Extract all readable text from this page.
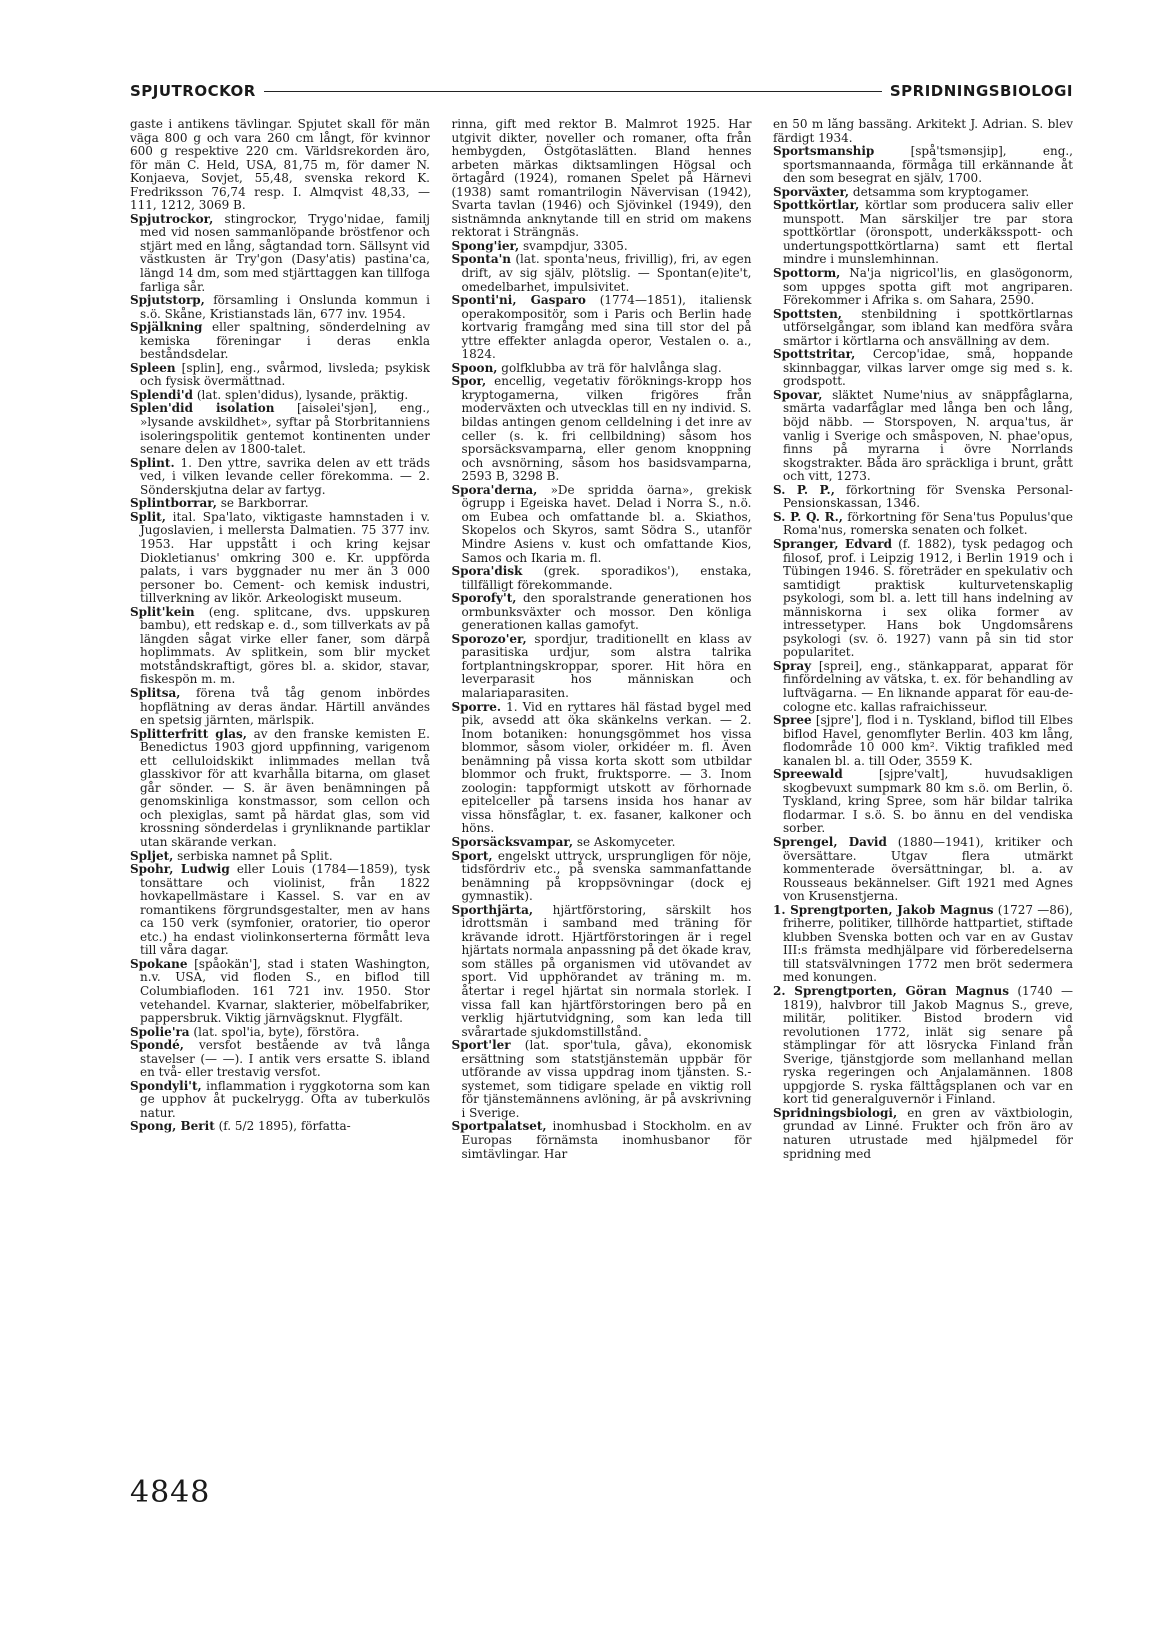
SPJUTROCKOR	SPRIDNINGSBIOLOGI

gaste i antikens tävlingar. Spjutet skall för män väga 800 g och vara 260 cm långt, för kvinnor 600 g respektive 220 cm. Världsrekorden äro, för män C. Held, USA, 81,75 m, för damer N. Konjaeva, Sovjet, 55,48, svenska rekord K. Fredriksson 76,74 resp. I. Almqvist 48,33, — 111, 1212, 3069 B.

Spjutrockor, stingrockor, Trygo'nidae, familj med vid nosen sammanlöpande bröstfenor och stjärt med en lång, sågtandad torn. Sällsynt vid västkusten är Try'gon (Dasy'atis) pastina'ca, längd 14 dm, som med stjärttaggen kan tillfoga farliga sår.

Spjutstorp, församling i Onslunda kommun i s.ö. Skåne, Kristianstads län, 677 inv. 1954.

Spjälkning eller spaltning, sönderdelning av kemiska föreningar i deras enkla beståndsdelar.

Spleen [splin], eng., svårmod, livsleda; psykisk och fysisk övermättnad.

Splendi'd (lat. splen'didus), lysande, präktig.

Splen'did isolation [aisəlei'sjən], eng., »lysande avskildhet», syftar på Storbritanniens isoleringspolitik gentemot kontinenten under senare delen av 1800-talet.

Splint. 1. Den yttre, savrika delen av ett träds ved, i vilken levande celler förekomma. — 2. Sönderskjutna delar av fartyg.

Splintborrar, se Barkborrar.

Split, ital. Spa'lato, viktigaste hamnstaden i v. Jugoslavien, i mellersta Dalmatien. 75 377 inv. 1953. Har uppstått i och kring kejsar Diokletianus' omkring 300 e. Kr. uppförda palats, i vars byggnader nu mer än 3 000 personer bo. Cement- och kemisk industri, tillverkning av likör. Arkeologiskt museum.

Split'kein (eng. splitcane, dvs. uppskuren bambu), ett redskap e. d., som tillverkats av på längden sågat virke eller faner, som därpå hoplimmats. Av splitkein, som blir mycket motståndskraftigt, göres bl. a. skidor, stavar, fiskespön m. m.

Splitsa, förena två tåg genom inbördes hopflätning av deras ändar. Härtill användes en spetsig järnten, märlspik.

Splitterfritt glas, av den franske kemisten E. Benedictus 1903 gjord uppfinning, varigenom ett celluloidskikt inlimmades mellan två glasskivor för att kvarhålla bitarna, om glaset går sönder. — S. är även benämningen på genomskinliga konstmassor, som cellon och och plexiglas, samt på härdat glas, som vid krossning sönderdelas i grynliknande partiklar utan skärande verkan.

Spljet, serbiska namnet på Split.

Spohr, Ludwig eller Louis (1784—1859), tysk tonsättare och violinist, från 1822 hovkapellmästare i Kassel. S. var en av romantikens förgrundsgestalter, men av hans ca 150 verk (symfonier, oratorier, tio operor etc.) ha endast violinkonserterna förmått leva till våra dagar.

Spokane [spåokän'], stad i staten Washington, n.v. USA, vid floden S., en biflod till Columbiafloden. 161 721 inv. 1950. Stor vetehandel. Kvarnar, slakterier, möbelfabriker, pappersbruk. Viktig järnvägsknut. Flygfält.

Spolie'ra (lat. spol'ia, byte), förstöra.

Spondé, versfot bestående av två långa stavelser (— —). I antik vers ersatte S. ibland en två- eller trestavig versfot.

Spondyli't, inflammation i ryggkotorna som kan ge upphov åt puckelrygg. Ofta av tuberkulös natur.

Spong, Berit (f. 5/2 1895), författa-

rinna, gift med rektor B. Malmrot 1925. Har utgivit dikter, noveller och romaner, ofta från hembygden, Östgötaslätten. Bland hennes arbeten märkas diktsamlingen Högsal och örtagård (1924), romanen Spelet på Härnevi (1938) samt romantrilogin Nävervisan (1942), Svarta tavlan (1946) och Sjövinkel (1949), den sistnämnda anknytande till en strid om makens rektorat i Strängnäs.

Spong'ier, svampdjur, 3305.

Sponta'n (lat. sponta'neus, frivillig), fri, av egen drift, av sig själv, plötslig. — Spontan(e)ite't, omedelbarhet, impulsivitet.

Sponti'ni, Gasparo (1774—1851), italiensk operakompositör, som i Paris och Berlin hade kortvarig framgång med sina till stor del på yttre effekter anlagda operor, Vestalen o. a., 1824.

Spoon, golfklubba av trä för halvlånga slag.

Spor, encellig, vegetativ föröknings-kropp hos kryptogamerna, vilken frigöres från moderväxten och utvecklas till en ny individ. S. bildas antingen genom celldelning i det inre av celler (s. k. fri cellbildning) såsom hos sporsäcksvamparna, eller genom knoppning och avsnörning, såsom hos basidsvamparna, 2593 B, 3298 B.

Spora'derna, »De spridda öarna», grekisk ögrupp i Egeiska havet. Delad i Norra S., n.ö. om Eubea och omfattande bl. a. Skiathos, Skopelos och Skyros, samt Södra S., utanför Mindre Asiens v. kust och omfattande Kios, Samos och Ikaria m. fl.

Spora'disk (grek. sporadikos'), enstaka, tillfälligt förekommande.

Sporofy't, den sporalstrande generationen hos ormbunksväxter och mossor. Den könliga generationen kallas gamofyt.

Sporozo'er, spordjur, traditionellt en klass av parasitiska urdjur, som alstra talrika fortplantningskroppar, sporer. Hit höra en leverparasit hos människan och malariaparasiten.

Sporre. 1. Vid en ryttares häl fästad bygel med pik, avsedd att öka skänkelns verkan. — 2. Inom botaniken: honungsgömmet hos vissa blommor, såsom violer, orkidéer m. fl. Även benämning på vissa korta skott som utbildar blommor och frukt, fruktsporre. — 3. Inom zoologin: tappformigt utskott av förhornade epitelceller på tarsens insida hos hanar av vissa hönsfåglar, t. ex. fasaner, kalkoner och höns.

Sporsäcksvampar, se Askomyceter.

Sport, engelskt uttryck, ursprungligen för nöje, tidsfördriv etc., på svenska sammanfattande benämning på kroppsövningar (dock ej gymnastik).

Sporthjärta, hjärtförstoring, särskilt hos idrottsmän i samband med träning för krävande idrott. Hjärtförstoringen är i regel hjärtats normala anpassning på det ökade krav, som ställes på organismen vid utövandet av sport. Vid upphörandet av träning m. m. återtar i regel hjärtat sin normala storlek. I vissa fall kan hjärtförstoringen bero på en verklig hjärtutvidgning, som kan leda till svårartade sjukdomstillstånd.

Sport'ler (lat. spor'tula, gåva), ekonomisk ersättning som statstjänstemän uppbär för utförande av vissa uppdrag inom tjänsten. S.-systemet, som tidigare spelade en viktig roll för tjänstemännens avlöning, är på avskrivning i Sverige.

Sportpalatset, inomhusbad i Stockholm. en av Europas förnämsta inomhusbanor för simtävlingar. Har

en 50 m lång bassäng. Arkitekt J. Adrian. S. blev färdigt 1934.

Sportsmanship	[spå'tsmənsjip], eng., sportsmannaanda, förmåga till erkännande åt den som besegrat en själv, 1700.

Sporväxter, detsamma som kryptogamer.

Spottkörtlar, körtlar som producera saliv eller munspott. Man särskiljer tre par stora spottkörtlar (öronspott, underkäksspott- och undertungspottkörtlarna) samt ett flertal mindre i munslemhinnan.

Spottorm, Na'ja nigricol'lis, en glasögonorm, som uppges spotta gift mot angriparen. Förekommer i Afrika s. om Sahara, 2590.

Spottsten, stenbildning i spottkörtlarnas utförselgångar, som ibland kan medföra svåra smärtor i körtlarna och ansvällning av dem.

Spottstritar, Cercop'idae, små, hoppande skinnbaggar, vilkas larver omge sig med s. k. grodspott.

Spovar, släktet Nume'nius av snäppfåglarna, smärta vadarfåglar med långa ben och lång, böjd näbb. — Storspoven, N. arqua'tus, är vanlig i Sverige och småspoven, N. phae'opus, finns på myrarna i övre Norrlands skogstrakter. Båda äro spräckliga i brunt, grått och vitt, 1273.

S. P. P., förkortning för Svenska Personal-Pensionskassan, 1346.

S. P. Q. R., förkortning för Sena'tus Populus'que Roma'nus, romerska senaten och folket.

Spranger, Edvard (f. 1882), tysk pedagog och filosof, prof. i Leipzig 1912, i Berlin 1919 och i Tübingen 1946. S. företräder en spekulativ och samtidigt praktisk kulturvetenskaplig psykologi, som bl. a. lett till hans indelning av människorna i sex olika former av intressetyper. Hans bok Ungdomsårens psykologi (sv. ö. 1927) vann på sin tid stor popularitet.

Spray [sprei], eng., stänkapparat, apparat för finfördelning av vätska, t. ex. för behandling av luftvägarna. — En liknande apparat för eau-de-cologne etc. kallas rafraichisseur.

Spree [sjpre'], flod i n. Tyskland, biflod till Elbes biflod Havel, genomflyter Berlin. 403 km lång, flodområde 10 000 km². Viktig trafikled med kanalen bl. a. till Oder, 3559 K.

Spreewald	[sjpre'valt], huvudsakligen skogbevuxt sumpmark 80 km s.ö. om Berlin, ö. Tyskland, kring Spree, som här bildar talrika flodarmar. I s.ö. S. bo ännu en del vendiska sorber.

Sprengel, David (1880—1941), kritiker och översättare. Utgav flera utmärkt kommenterade översättningar, bl. a. av Rousseaus bekännelser. Gift 1921 med Agnes von Krusenstjerna.

1. Sprengtporten, Jakob Magnus (1727 —86), friherre, politiker, tillhörde hattpartiet, stiftade klubben Svenska botten och var en av Gustav III:s främsta medhjälpare vid förberedelserna till statsvälvningen 1772 men bröt sedermera med konungen.

2. Sprengtporten, Göran Magnus (1740 —1819), halvbror till Jakob Magnus S., greve, militär, politiker. Bistod brodern vid revolutionen 1772, inlät sig senare på stämplingar för att lösrycka Finland från Sverige, tjänstgjorde som mellanhand mellan ryska regeringen och Anjalamännen. 1808 uppgjorde S. ryska fälttågsplanen och var en kort tid generalguvernör i Finland.

Spridningsbiologi, en gren av växtbiologin, grundad av Linné. Frukter och frön äro av naturen utrustade med hjälpmedel för spridning med

4848
